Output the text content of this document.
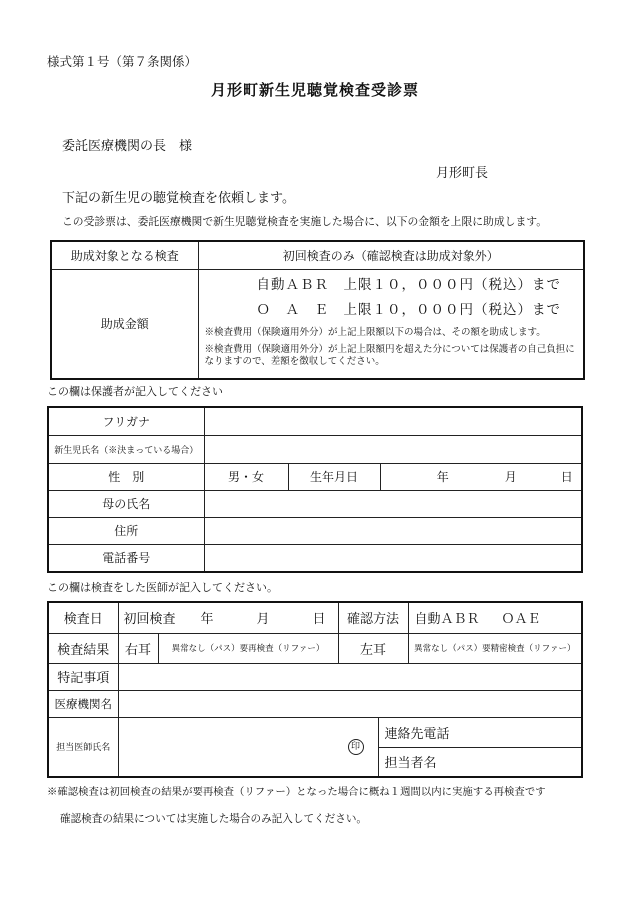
様式第１号（第７条関係）
月形町新生児聴覚検査受診票
委託医療機関の長　様
月形町長
下記の新生児の聴覚検査を依頼します。
この受診票は、委託医療機関で新生児聴覚検査を実施した場合に、以下の金額を上限に助成します。
助成対象となる検査	初回検査のみ（確認検査は助成対象外）
助成金額	自動ＡＢＲ　上限１０，０００円（税込）まで
Ｏ　Ａ　Ｅ　上限１０，０００円（税込）まで
※検査費用（保険適用外分）が上記上限額以下の場合は、その額を助成します。
※検査費用（保険適用外分）が上記上限額円を超えた分については保護者の自己負担になりますので、差額を徴収してください。
この欄は保護者が記入してください
フリガナ			
新生児氏名（※決まっている場合）			
性　別	男・女	生年月日	年 月 日
母の氏名			
住所			
電話番号			
この欄は検査をした医師が記入してください。
検査日	初回検査 年 月 日		確認方法		自動ＡＢＲ ＯＡＥ
検査結果	右耳	異常なし（パス）要再検査（リファー）	左耳		異常なし（パス）要精密検査（リファー）
特記事項					
医療機関名					
担当医師氏名	印			連絡先電話	
				担当者名	
※確認検査は初回検査の結果が要再検査（リファー）となった場合に概ね１週間以内に実施する再検査です
確認検査の結果については実施した場合のみ記入してください。
